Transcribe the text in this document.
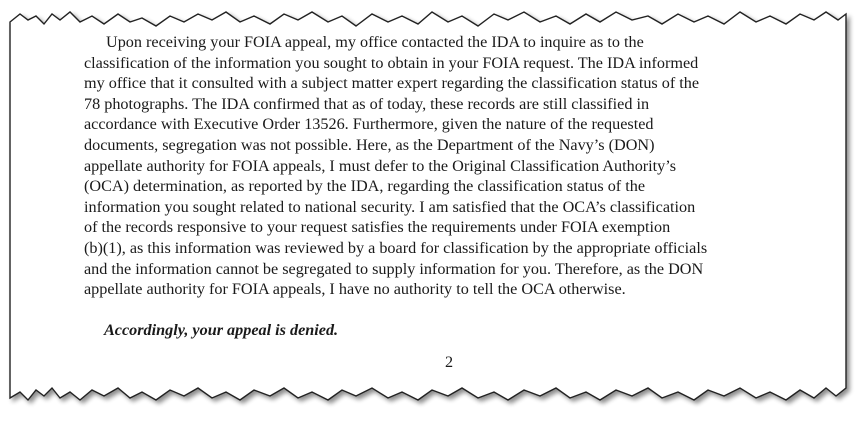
Upon receiving your FOIA appeal, my office contacted the IDA to inquire as to the
classification of the information you sought to obtain in your FOIA request. The IDA informed
my office that it consulted with a subject matter expert regarding the classification status of the
78 photographs. The IDA confirmed that as of today, these records are still classified in
accordance with Executive Order 13526. Furthermore, given the nature of the requested
documents, segregation was not possible. Here, as the Department of the Navy’s (DON)
appellate authority for FOIA appeals, I must defer to the Original Classification Authority’s
(OCA) determination, as reported by the IDA, regarding the classification status of the
information you sought related to national security. I am satisfied that the OCA’s classification
of the records responsive to your request satisfies the requirements under FOIA exemption
(b)(1), as this information was reviewed by a board for classification by the appropriate officials
and the information cannot be segregated to supply information for you. Therefore, as the DON
appellate authority for FOIA appeals, I have no authority to tell the OCA otherwise.

Accordingly, your appeal is denied.

2
